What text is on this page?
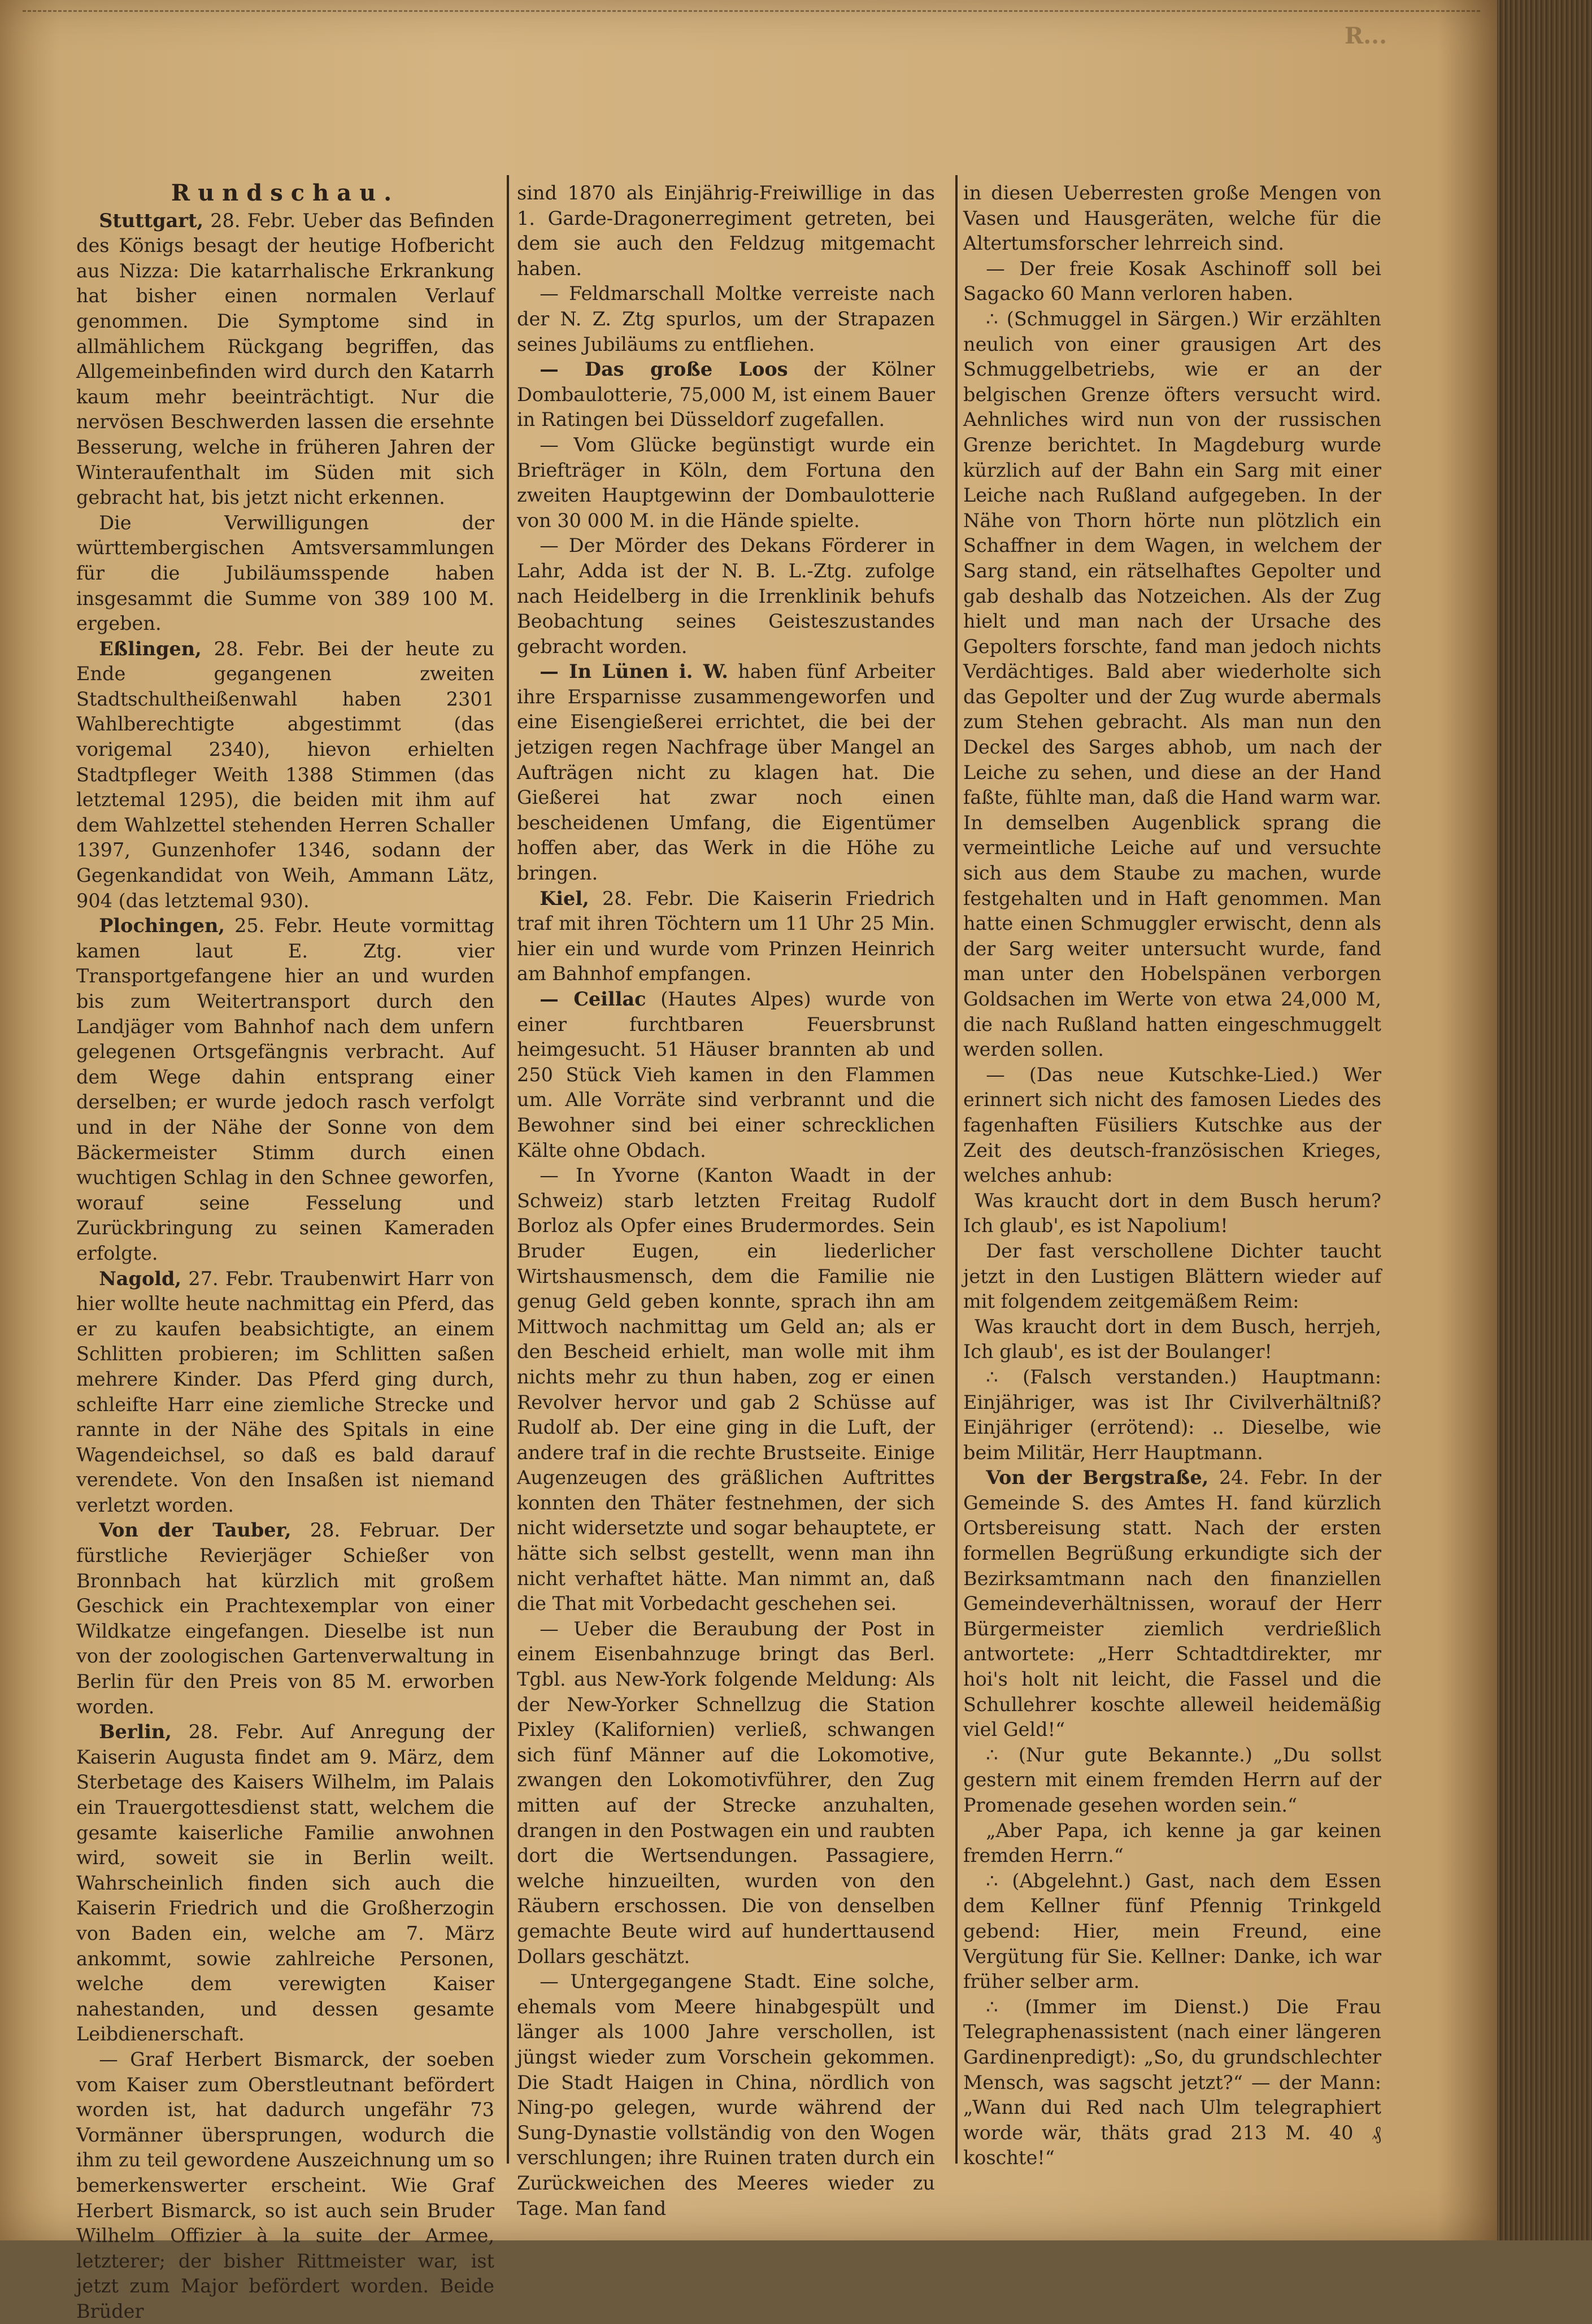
R...
Rundschau.

Stuttgart, 28. Febr. Ueber das Befinden des Königs besagt der heutige Hofbericht aus Nizza: Die katarrhalische Erkrankung hat bisher einen normalen Verlauf genommen. Die Symptome sind in allmählichem Rückgang begriffen, das Allgemeinbefinden wird durch den Katarrh kaum mehr beeinträchtigt. Nur die nervösen Beschwerden lassen die ersehnte Besserung, welche in früheren Jahren der Winteraufenthalt im Süden mit sich gebracht hat, bis jetzt nicht erkennen.

Die Verwilligungen der württembergischen Amtsversammlungen für die Jubiläumsspende haben insgesammt die Summe von 389 100 M. ergeben.

Eßlingen, 28. Febr. Bei der heute zu Ende gegangenen zweiten Stadtschultheißenwahl haben 2301 Wahlberechtigte abgestimmt (das vorigemal 2340), hievon erhielten Stadtpfleger Weith 1388 Stimmen (das letztemal 1295), die beiden mit ihm auf dem Wahlzettel stehenden Herren Schaller 1397, Gunzenhofer 1346, sodann der Gegenkandidat von Weih, Ammann Lätz, 904 (das letztemal 930).

Plochingen, 25. Febr. Heute vormittag kamen laut E. Ztg. vier Transportgefangene hier an und wurden bis zum Weitertransport durch den Landjäger vom Bahnhof nach dem unfern gelegenen Ortsgefängnis verbracht. Auf dem Wege dahin entsprang einer derselben; er wurde jedoch rasch verfolgt und in der Nähe der Sonne von dem Bäckermeister Stimm durch einen wuchtigen Schlag in den Schnee geworfen, worauf seine Fesselung und Zurückbringung zu seinen Kameraden erfolgte.

Nagold, 27. Febr. Traubenwirt Harr von hier wollte heute nachmittag ein Pferd, das er zu kaufen beabsichtigte, an einem Schlitten probieren; im Schlitten saßen mehrere Kinder. Das Pferd ging durch, schleifte Harr eine ziemliche Strecke und rannte in der Nähe des Spitals in eine Wagendeichsel, so daß es bald darauf verendete. Von den Insaßen ist niemand verletzt worden.

Von der Tauber, 28. Februar. Der fürstliche Revierjäger Schießer von Bronnbach hat kürzlich mit großem Geschick ein Prachtexemplar von einer Wildkatze eingefangen. Dieselbe ist nun von der zoologischen Gartenverwaltung in Berlin für den Preis von 85 M. erworben worden.

Berlin, 28. Febr. Auf Anregung der Kaiserin Augusta findet am 9. März, dem Sterbetage des Kaisers Wilhelm, im Palais ein Trauergottesdienst statt, welchem die gesamte kaiserliche Familie anwohnen wird, soweit sie in Berlin weilt. Wahrscheinlich finden sich auch die Kaiserin Friedrich und die Großherzogin von Baden ein, welche am 7. März ankommt, sowie zahlreiche Personen, welche dem verewigten Kaiser nahestanden, und dessen gesamte Leibdienerschaft.

— Graf Herbert Bismarck, der soeben vom Kaiser zum Oberstleutnant befördert worden ist, hat dadurch ungefähr 73 Vormänner übersprungen, wodurch die ihm zu teil gewordene Auszeichnung um so bemerkenswerter erscheint. Wie Graf Herbert Bismarck, so ist auch sein Bruder Wilhelm Offizier à la suite der Armee, letzterer; der bisher Rittmeister war, ist jetzt zum Major befördert worden. Beide Brüder

sind 1870 als Einjährig-Freiwillige in das 1. Garde-Dragonerregiment getreten, bei dem sie auch den Feldzug mitgemacht haben.

— Feldmarschall Moltke verreiste nach der N. Z. Ztg spurlos, um der Strapazen seines Jubiläums zu entfliehen.

— Das große Loos der Kölner Dombaulotterie, 75,000 M, ist einem Bauer in Ratingen bei Düsseldorf zugefallen.

— Vom Glücke begünstigt wurde ein Briefträger in Köln, dem Fortuna den zweiten Hauptgewinn der Dombaulotterie von 30 000 M. in die Hände spielte.

— Der Mörder des Dekans Förderer in Lahr, Adda ist der N. B. L.-Ztg. zufolge nach Heidelberg in die Irrenklinik behufs Beobachtung seines Geisteszustandes gebracht worden.

— In Lünen i. W. haben fünf Arbeiter ihre Ersparnisse zusammengeworfen und eine Eisengießerei errichtet, die bei der jetzigen regen Nachfrage über Mangel an Aufträgen nicht zu klagen hat. Die Gießerei hat zwar noch einen bescheidenen Umfang, die Eigentümer hoffen aber, das Werk in die Höhe zu bringen.

Kiel, 28. Febr. Die Kaiserin Friedrich traf mit ihren Töchtern um 11 Uhr 25 Min. hier ein und wurde vom Prinzen Heinrich am Bahnhof empfangen.

— Ceillac (Hautes Alpes) wurde von einer furchtbaren Feuersbrunst heimgesucht. 51 Häuser brannten ab und 250 Stück Vieh kamen in den Flammen um. Alle Vorräte sind verbrannt und die Bewohner sind bei einer schrecklichen Kälte ohne Obdach.

— In Yvorne (Kanton Waadt in der Schweiz) starb letzten Freitag Rudolf Borloz als Opfer eines Brudermordes. Sein Bruder Eugen, ein liederlicher Wirtshausmensch, dem die Familie nie genug Geld geben konnte, sprach ihn am Mittwoch nachmittag um Geld an; als er den Bescheid erhielt, man wolle mit ihm nichts mehr zu thun haben, zog er einen Revolver hervor und gab 2 Schüsse auf Rudolf ab. Der eine ging in die Luft, der andere traf in die rechte Brustseite. Einige Augenzeugen des gräßlichen Auftrittes konnten den Thäter festnehmen, der sich nicht widersetzte und sogar behauptete, er hätte sich selbst gestellt, wenn man ihn nicht verhaftet hätte. Man nimmt an, daß die That mit Vorbedacht geschehen sei.

— Ueber die Beraubung der Post in einem Eisenbahnzuge bringt das Berl. Tgbl. aus New-York folgende Meldung: Als der New-Yorker Schnellzug die Station Pixley (Kalifornien) verließ, schwangen sich fünf Männer auf die Lokomotive, zwangen den Lokomotivführer, den Zug mitten auf der Strecke anzuhalten, drangen in den Postwagen ein und raubten dort die Wertsendungen. Passagiere, welche hinzueilten, wurden von den Räubern erschossen. Die von denselben gemachte Beute wird auf hunderttausend Dollars geschätzt.

— Untergegangene Stadt. Eine solche, ehemals vom Meere hinabgespült und länger als 1000 Jahre verschollen, ist jüngst wieder zum Vorschein gekommen. Die Stadt Haigen in China, nördlich von Ning-po gelegen, wurde während der Sung-Dynastie vollständig von den Wogen verschlungen; ihre Ruinen traten durch ein Zurückweichen des Meeres wieder zu Tage. Man fand

in diesen Ueberresten große Mengen von Vasen und Hausgeräten, welche für die Altertumsforscher lehrreich sind.

— Der freie Kosak Aschinoff soll bei Sagacko 60 Mann verloren haben.

∴ (Schmuggel in Särgen.) Wir erzählten neulich von einer grausigen Art des Schmuggelbetriebs, wie er an der belgischen Grenze öfters versucht wird. Aehnliches wird nun von der russischen Grenze berichtet. In Magdeburg wurde kürzlich auf der Bahn ein Sarg mit einer Leiche nach Rußland aufgegeben. In der Nähe von Thorn hörte nun plötzlich ein Schaffner in dem Wagen, in welchem der Sarg stand, ein rätselhaftes Gepolter und gab deshalb das Notzeichen. Als der Zug hielt und man nach der Ursache des Gepolters forschte, fand man jedoch nichts Verdächtiges. Bald aber wiederholte sich das Gepolter und der Zug wurde abermals zum Stehen gebracht. Als man nun den Deckel des Sarges abhob, um nach der Leiche zu sehen, und diese an der Hand faßte, fühlte man, daß die Hand warm war. In demselben Augenblick sprang die vermeintliche Leiche auf und versuchte sich aus dem Staube zu machen, wurde festgehalten und in Haft genommen. Man hatte einen Schmuggler erwischt, denn als der Sarg weiter untersucht wurde, fand man unter den Hobelspänen verborgen Goldsachen im Werte von etwa 24,000 M, die nach Rußland hatten eingeschmuggelt werden sollen.

— (Das neue Kutschke-Lied.) Wer erinnert sich nicht des famosen Liedes des fagenhaften Füsiliers Kutschke aus der Zeit des deutsch-französischen Krieges, welches anhub:

Was kraucht dort in dem Busch herum? Ich glaub', es ist Napolium!

Der fast verschollene Dichter taucht jetzt in den Lustigen Blättern wieder auf mit folgendem zeitgemäßem Reim:

Was kraucht dort in dem Busch, herrjeh, Ich glaub', es ist der Boulanger!

∴ (Falsch verstanden.) Hauptmann: Einjähriger, was ist Ihr Civilverhältniß? Einjähriger (errötend): .. Dieselbe, wie beim Militär, Herr Hauptmann.

Von der Bergstraße, 24. Febr. In der Gemeinde S. des Amtes H. fand kürzlich Ortsbereisung statt. Nach der ersten formellen Begrüßung erkundigte sich der Bezirksamtmann nach den finanziellen Gemeindeverhältnissen, worauf der Herr Bürgermeister ziemlich verdrießlich antwortete: „Herr Schtadtdirekter, mr hoi's holt nit leicht, die Fassel und die Schullehrer koschte alleweil heidemäßig viel Geld!“

∴ (Nur gute Bekannte.) „Du sollst gestern mit einem fremden Herrn auf der Promenade gesehen worden sein.“

„Aber Papa, ich kenne ja gar keinen fremden Herrn.“

∴ (Abgelehnt.) Gast, nach dem Essen dem Kellner fünf Pfennig Trinkgeld gebend: Hier, mein Freund, eine Vergütung für Sie. Kellner: Danke, ich war früher selber arm.

∴ (Immer im Dienst.) Die Frau Telegraphenassistent (nach einer längeren Gardinenpredigt): „So, du grundschlechter Mensch, was sagscht jetzt?“ — der Mann: „Wann dui Red nach Ulm telegraphiert worde wär, thäts grad 213 M. 40 ₰ koschte!“
